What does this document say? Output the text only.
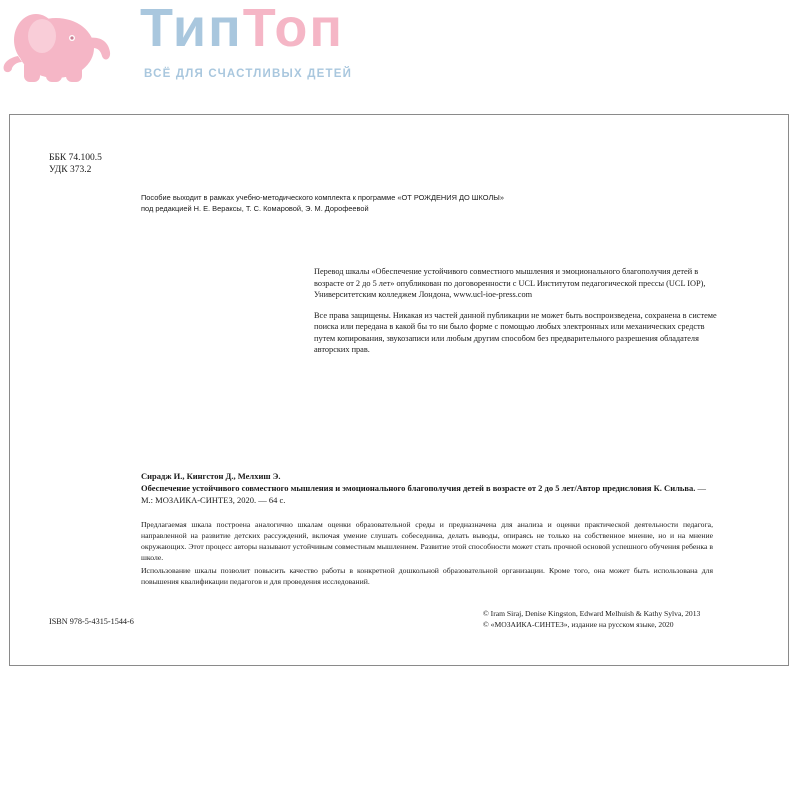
ТипТоп
ВСЁ ДЛЯ СЧАСТЛИВЫХ ДЕТЕЙ
ББК 74.100.5
УДК 373.2
Пособие выходит в рамках учебно-методического комплекта к программе «ОТ РОЖДЕНИЯ ДО ШКОЛЫ»
под редакцией Н. Е. Вераксы, Т. С. Комаровой, Э. М. Дорофеевой

Перевод шкалы «Обеспечение устойчивого совместного мышления и эмоционального благополучия детей в возрасте от 2 до 5 лет» опубликован по договоренности с UCL Институтом педагогической прессы (UCL IOP), Университетским колледжем Лондона, www.ucl-ioe-press.com

Все права защищены. Никакая из частей данной публикации не может быть воспроизведена, сохранена в системе поиска или передана в какой бы то ни было форме с помощью любых электронных или механических средств путем копирования, звукозаписи или любым другим способом без предварительного разрешения обладателя авторских прав.

Сирадж И., Кингстон Д., Мелхиш Э.
Обеспечение устойчивого совместного мышления и эмоционального благополучия детей в возрасте от 2 до 5 лет/Автор предисловия К. Сильва. — М.: МОЗАИКА-СИНТЕЗ, 2020. — 64 с.

Предлагаемая шкала построена аналогично шкалам оценки образовательной среды и предназначена для анализа и оценки практической деятельности педагога, направленной на развитие детских рассуждений, включая умение слушать собеседника, делать выводы, опираясь не только на собственное мнение, но и на мнение окружающих. Этот процесс авторы называют устойчивым совместным мышлением. Развитие этой способности может стать прочной основой успешного обучения ребенка в школе.

Использование шкалы позволит повысить качество работы в конкретной дошкольной образовательной организации. Кроме того, она может быть использована для повышения квалификации педагогов и для проведения исследований.

ISBN 978-5-4315-1544-6
© Iram Siraj, Denise Kingston, Edward Melhuish & Kathy Sylva, 2013
© «МОЗАИКА-СИНТЕЗ», издание на русском языке, 2020
